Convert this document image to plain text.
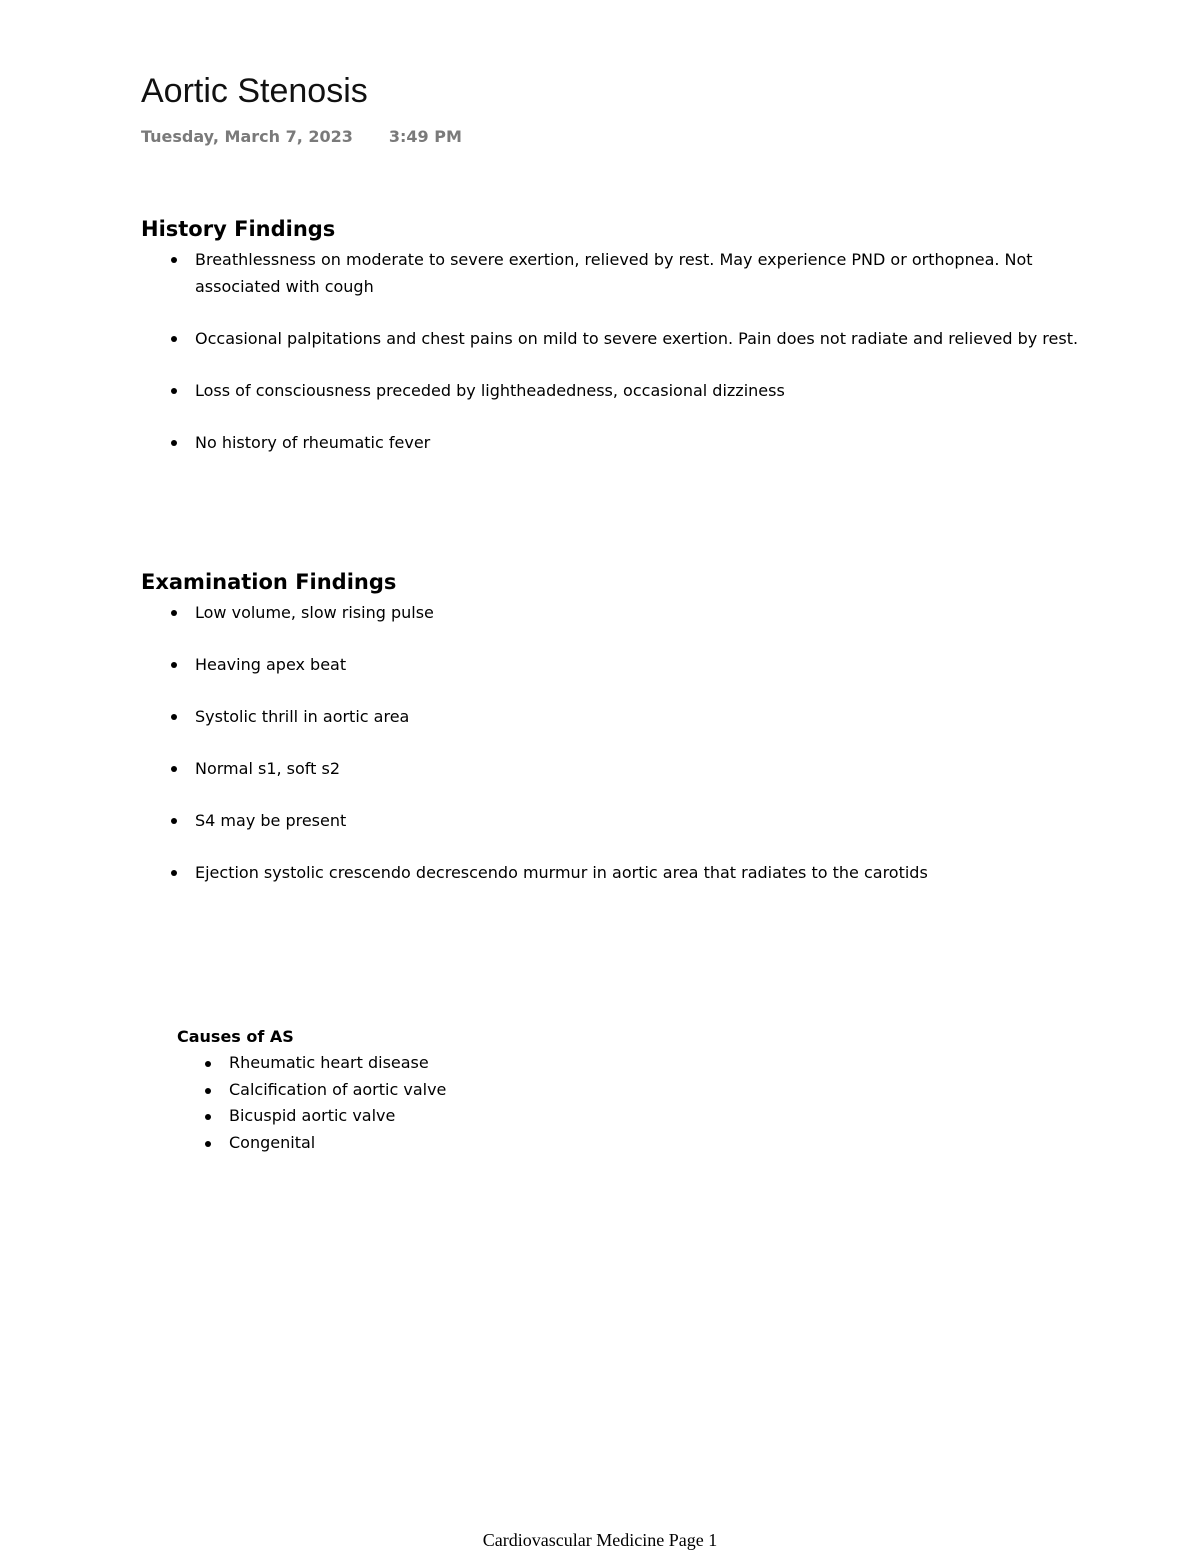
Aortic Stenosis
Tuesday, March 7, 2023 3:49 PM
History Findings
Breathlessness on moderate to severe exertion, relieved by rest. May experience PND or orthopnea. Not associated with cough
Occasional palpitations and chest pains on mild to severe exertion. Pain does not radiate and relieved by rest.
Loss of consciousness preceded by lightheadedness, occasional dizziness
No history of rheumatic fever
Examination Findings
Low volume, slow rising pulse
Heaving apex beat
Systolic thrill in aortic area
Normal s1, soft s2
S4 may be present
Ejection systolic crescendo decrescendo murmur in aortic area that radiates to the carotids
Causes of AS
Rheumatic heart disease
Calcification of aortic valve
Bicuspid aortic valve
Congenital
Cardiovascular Medicine Page 1
